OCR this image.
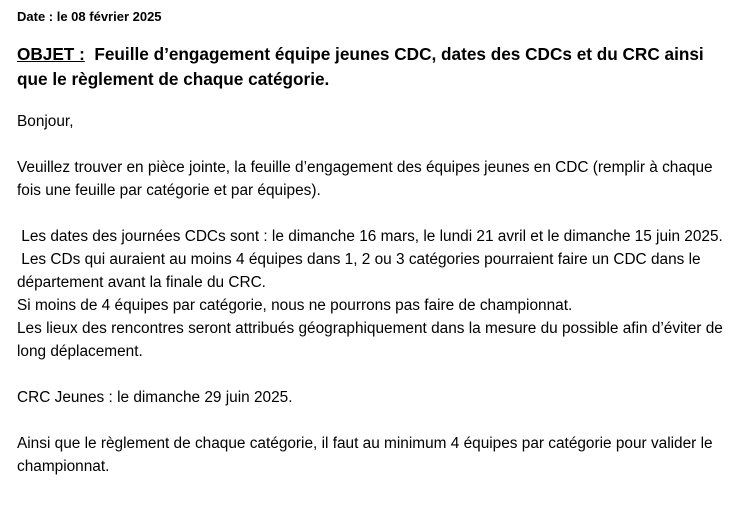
Date : le 08 février 2025

OBJET : Feuille d’engagement équipe jeunes CDC, dates des CDCs et du CRC ainsi que le règlement de chaque catégorie.

Bonjour,

Veuillez trouver en pièce jointe, la feuille d’engagement des équipes jeunes en CDC (remplir à chaque fois une feuille par catégorie et par équipes).

Les dates des journées CDCs sont : le dimanche 16 mars, le lundi 21 avril et le dimanche 15 juin 2025.

Les CDs qui auraient au moins 4 équipes dans 1, 2 ou 3 catégories pourraient faire un CDC dans le département avant la finale du CRC.

Si moins de 4 équipes par catégorie, nous ne pourrons pas faire de championnat.

Les lieux des rencontres seront attribués géographiquement dans la mesure du possible afin d’éviter de long déplacement.

CRC Jeunes : le dimanche 29 juin 2025.

Ainsi que le règlement de chaque catégorie, il faut au minimum 4 équipes par catégorie pour valider le championnat.
